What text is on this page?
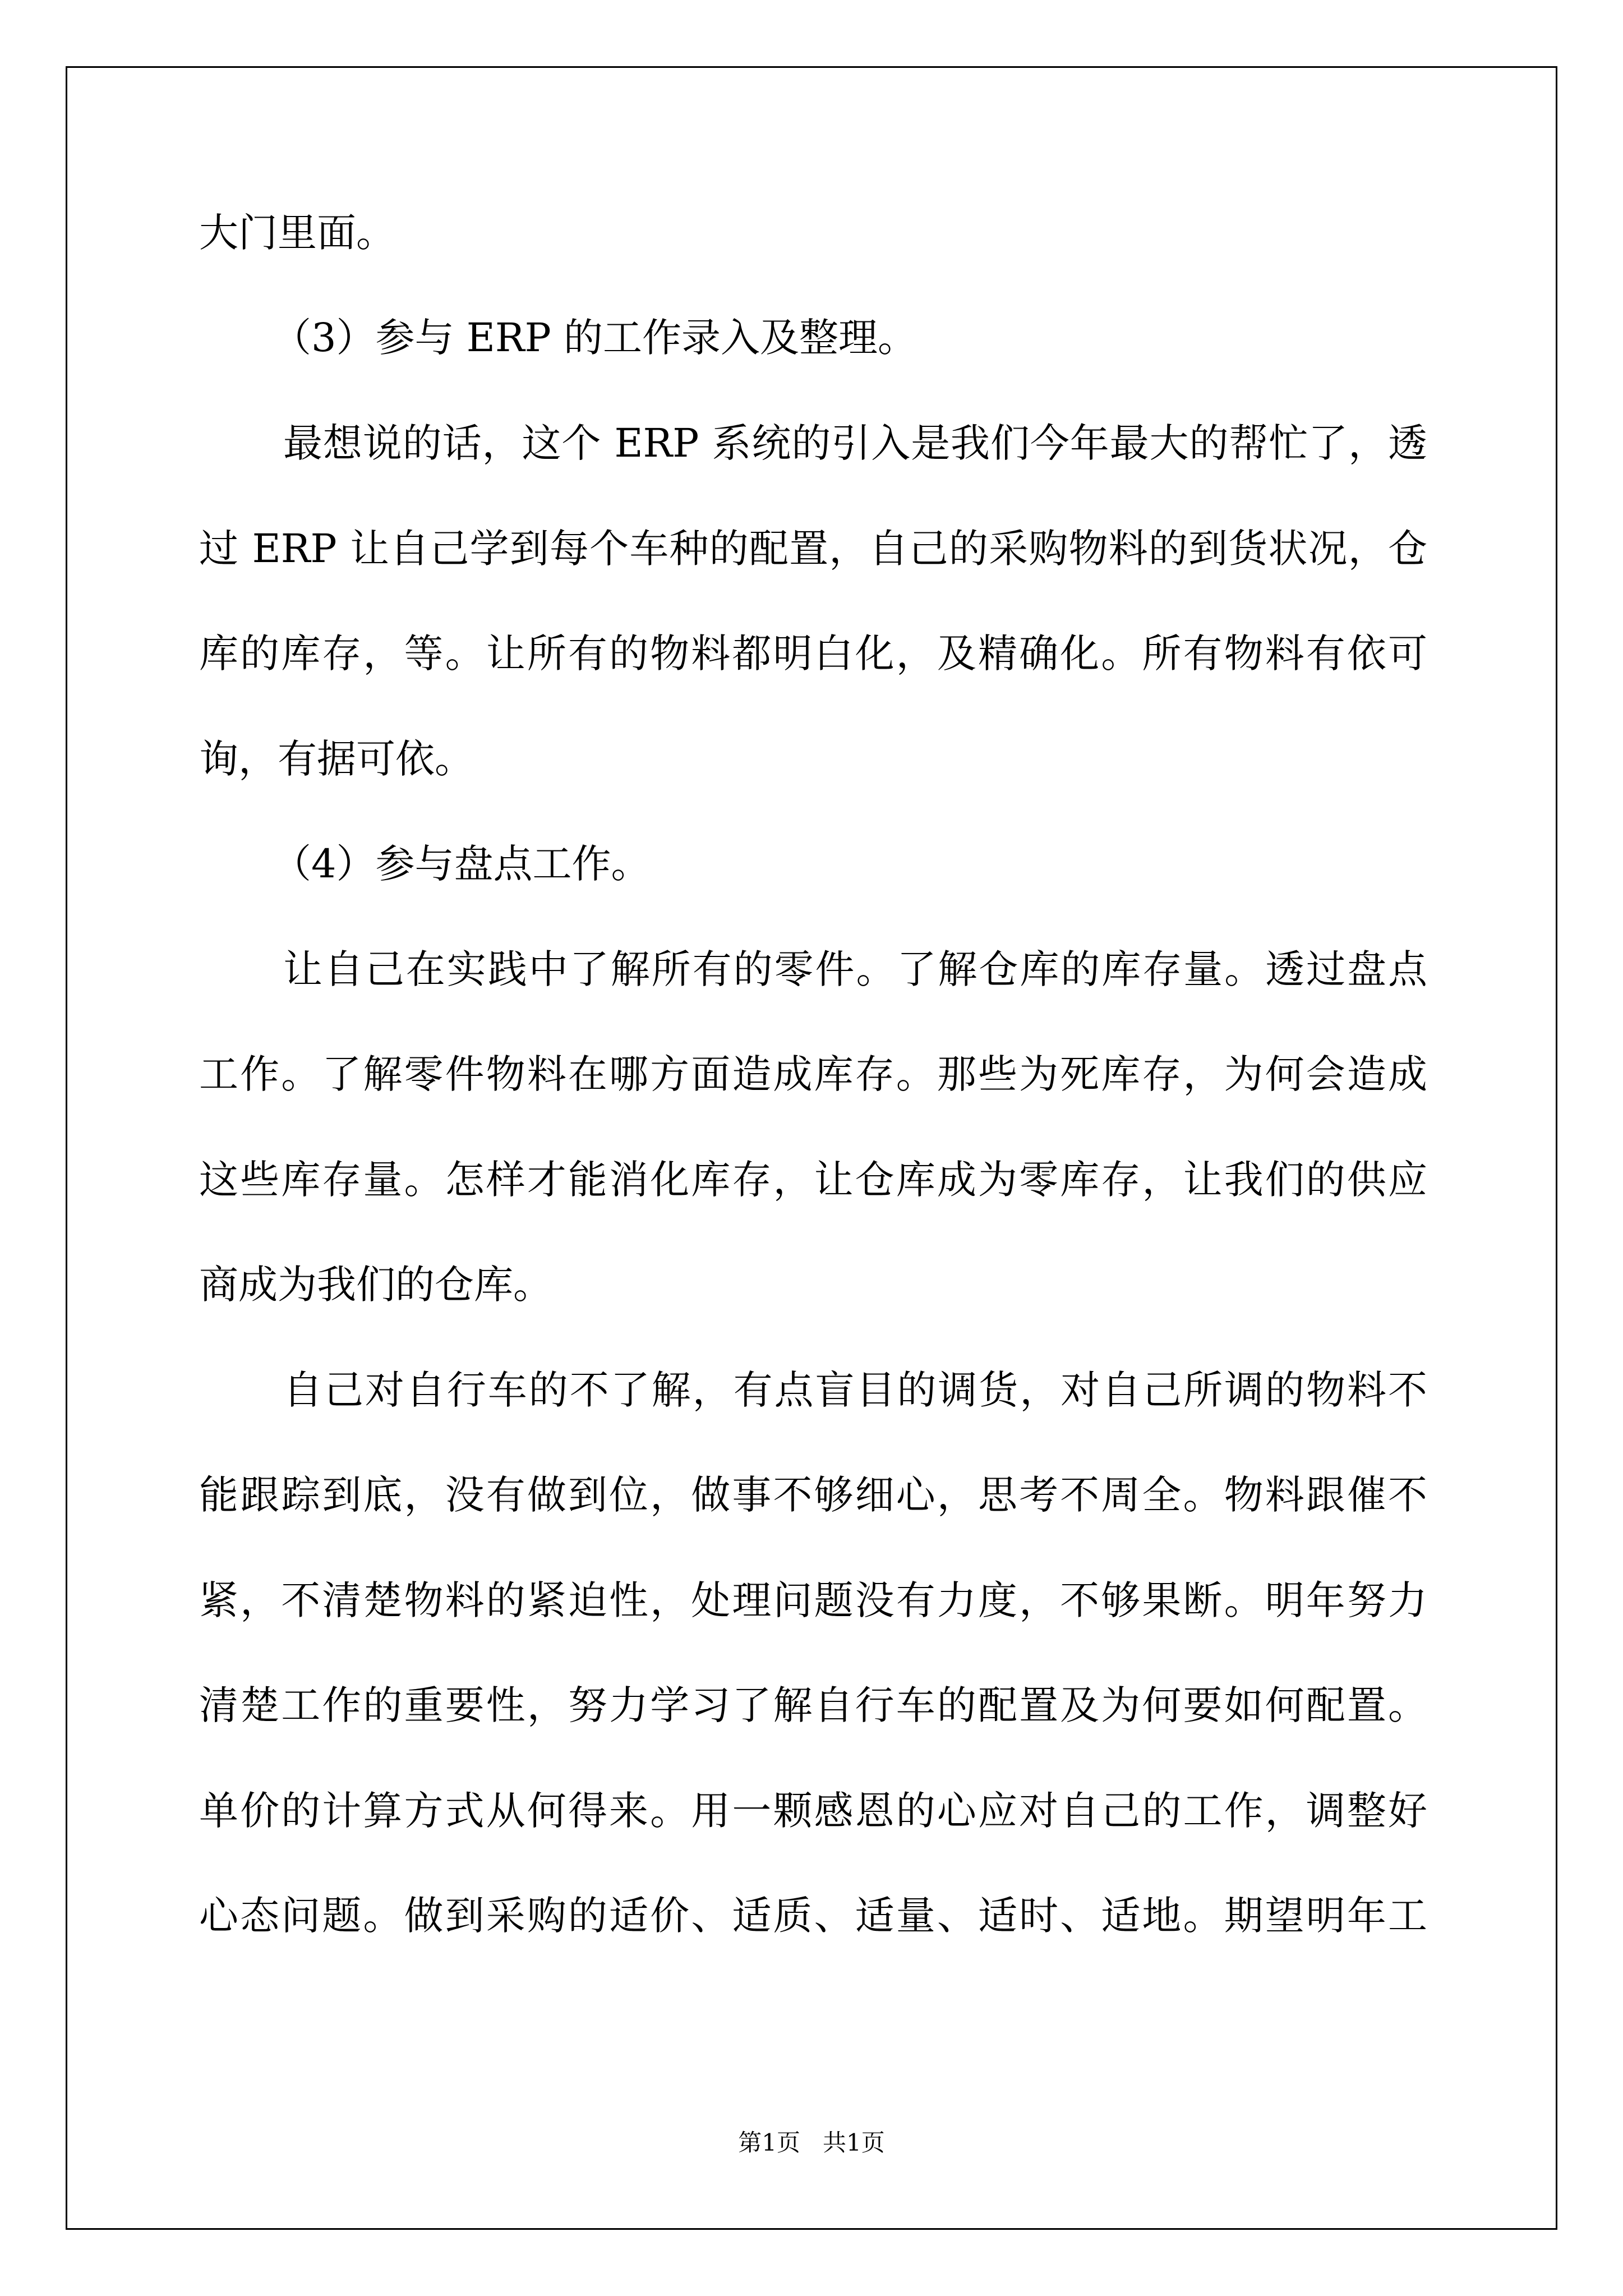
大门里面。
（3）参与 ERP 的工作录入及整理。
最想说的话，这个 ERP 系统的引入是我们今年最大的帮忙了，透
过 ERP 让自己学到每个车种的配置，自己的采购物料的到货状况，仓
库的库存，等。让所有的物料都明白化，及精确化。所有物料有依可
询，有据可依。
（4）参与盘点工作。
让自己在实践中了解所有的零件。了解仓库的库存量。透过盘点
工作。了解零件物料在哪方面造成库存。那些为死库存，为何会造成
这些库存量。怎样才能消化库存，让仓库成为零库存，让我们的供应
商成为我们的仓库。
自己对自行车的不了解，有点盲目的调货，对自己所调的物料不
能跟踪到底，没有做到位，做事不够细心，思考不周全。物料跟催不
紧，不清楚物料的紧迫性，处理问题没有力度，不够果断。明年努力
清楚工作的重要性，努力学习了解自行车的配置及为何要如何配置。
单价的计算方式从何得来。用一颗感恩的心应对自己的工作，调整好
心态问题。做到采购的适价、适质、适量、适时、适地。期望明年工
第1页   共1页
